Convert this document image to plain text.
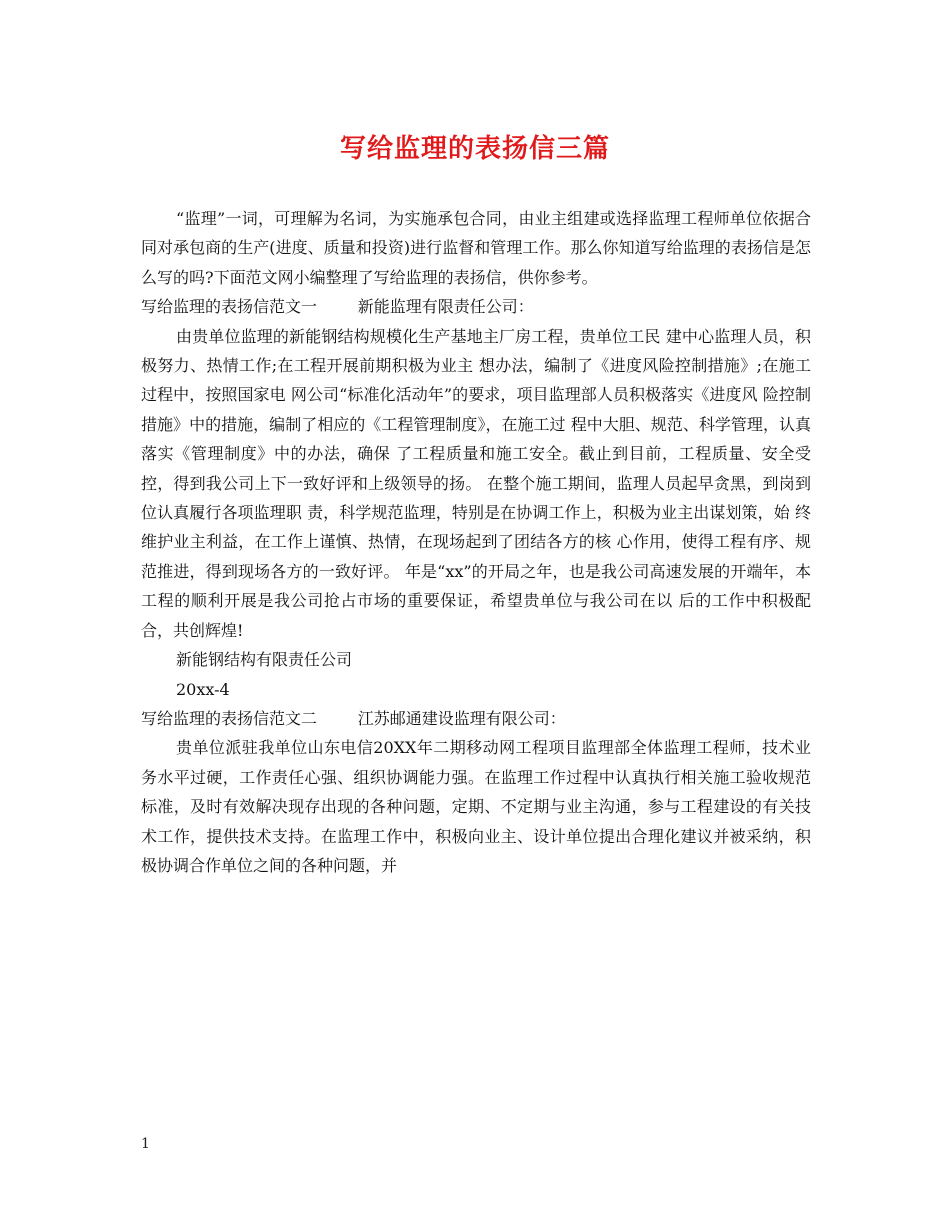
写给监理的表扬信三篇

“监理”一词，可理解为名词，为实施承包合同，由业主组建或选择监理工程师单位依据合同对承包商的生产(进度、质量和投资)进行监督和管理工作。那么你知道写给监理的表扬信是怎么写的吗?下面范文网小编整理了写给监理的表扬信，供你参考。

写给监理的表扬信范文一	新能监理有限责任公司：

由贵单位监理的新能钢结构规模化生产基地主厂房工程，贵单位工民 建中心监理人员，积极努力、热情工作;在工程开展前期积极为业主 想办法，编制了《进度风险控制措施》;在施工过程中，按照国家电 网公司“标准化活动年”的要求，项目监理部人员积极落实《进度风 险控制措施》中的措施，编制了相应的《工程管理制度》，在施工过 程中大胆、规范、科学管理，认真落实《管理制度》中的办法，确保 了工程质量和施工安全。截止到目前，工程质量、安全受控，得到我公司上下一致好评和上级领导的扬。 在整个施工期间，监理人员起早贪黑，到岗到位认真履行各项监理职 责，科学规范监理，特别是在协调工作上，积极为业主出谋划策，始 终维护业主利益，在工作上谨慎、热情，在现场起到了团结各方的核 心作用，使得工程有序、规范推进，得到现场各方的一致好评。 年是“xx”的开局之年，也是我公司高速发展的开端年，本工程的顺利开展是我公司抢占市场的重要保证，希望贵单位与我公司在以 后的工作中积极配合，共创辉煌!

新能钢结构有限责任公司

20xx-4

写给监理的表扬信范文二	江苏邮通建设监理有限公司：

贵单位派驻我单位山东电信20XX年二期移动网工程项目监理部全体监理工程师，技术业务水平过硬，工作责任心强、组织协调能力强。在监理工作过程中认真执行相关施工验收规范标准，及时有效解决现存出现的各种问题，定期、不定期与业主沟通，参与工程建设的有关技术工作，提供技术支持。在监理工作中，积极向业主、设计单位提出合理化建议并被采纳，积极协调合作单位之间的各种问题，并

1
